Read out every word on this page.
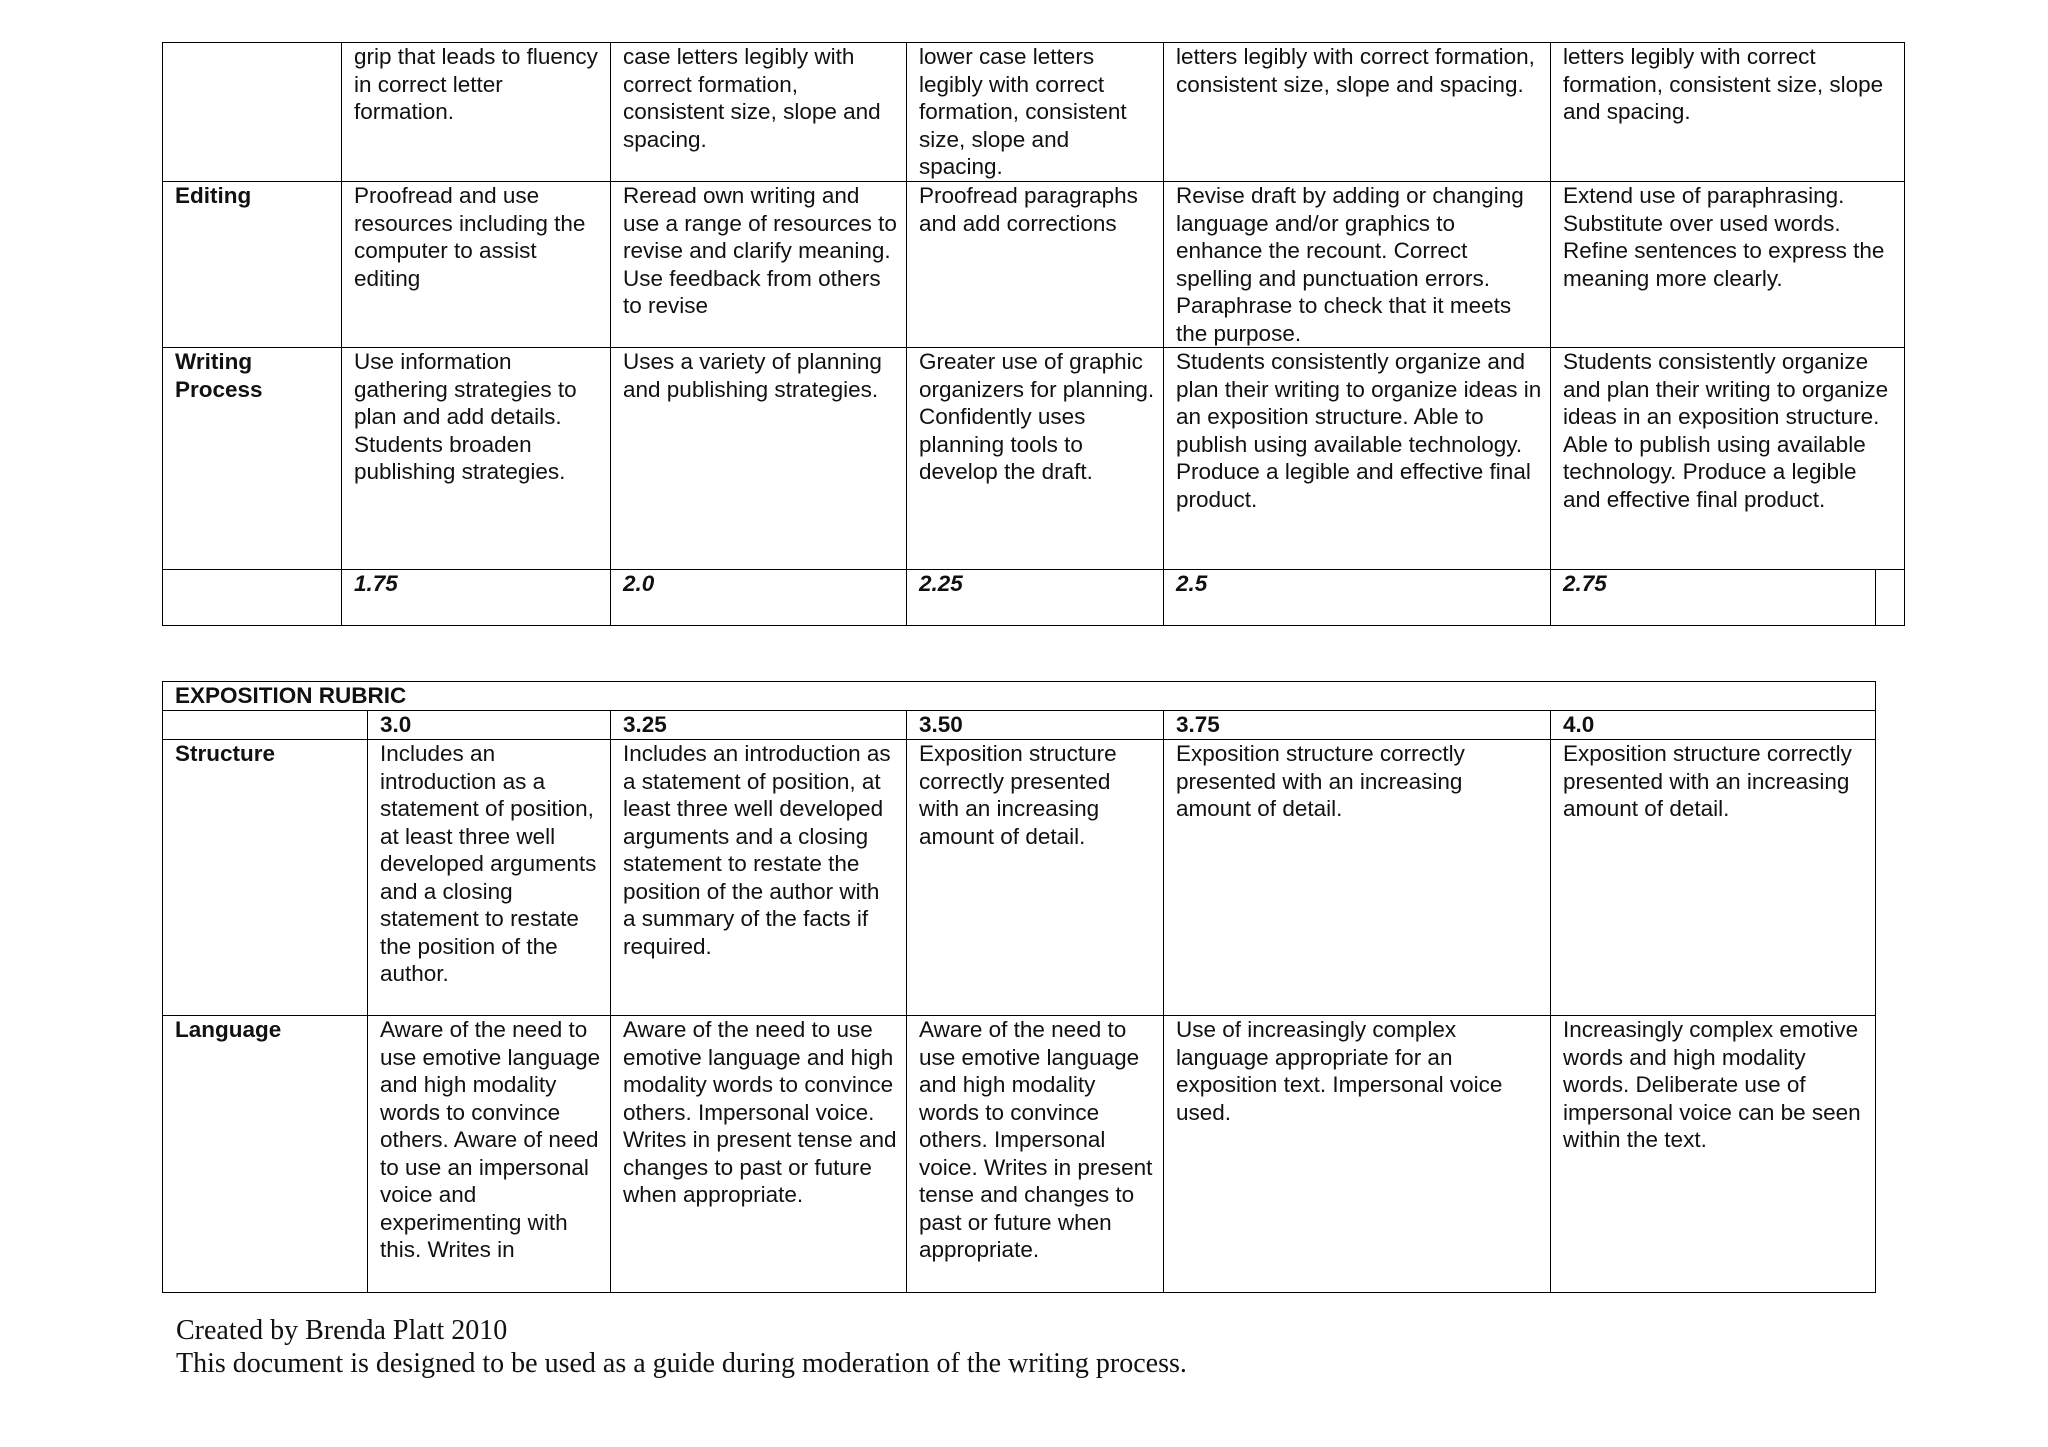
	grip that leads to fluency in correct letter formation.	case letters legibly with correct formation, consistent size, slope and spacing.	lower case letters legibly with correct formation, consistent size, slope and spacing.	letters legibly with correct formation, consistent size, slope and spacing.	letters legibly with correct formation, consistent size, slope and spacing.	
Editing	Proofread and use resources including the computer to assist editing	Reread own writing and use a range of resources to revise and clarify meaning. Use feedback from others to revise	Proofread paragraphs and add corrections	Revise draft by adding or changing language and/or graphics to enhance the recount. Correct spelling and punctuation errors. Paraphrase to check that it meets the purpose.	Extend use of paraphrasing. Substitute over used words. Refine sentences to express the meaning more clearly.	
Writing Process	Use information gathering strategies to plan and add details. Students broaden publishing strategies.	Uses a variety of planning and publishing strategies.	Greater use of graphic organizers for planning. Confidently uses planning tools to develop the draft.	Students consistently organize and plan their writing to organize ideas in an exposition structure. Able to publish using available technology. Produce a legible and effective final product.	Students consistently organize and plan their writing to organize ideas in an exposition structure. Able to publish using available technology. Produce a legible and effective final product.	
	1.75	2.0	2.25	2.5	2.75	
EXPOSITION RUBRIC					
	3.0	3.25	3.50	3.75	4.0
Structure	Includes an introduction as a statement of position, at least three well developed arguments and a closing statement to restate the position of the author.	Includes an introduction as a statement of position, at least three well developed arguments and a closing statement to restate the position of the author with a summary of the facts if required.	Exposition structure correctly presented with an increasing amount of detail.	Exposition structure correctly presented with an increasing amount of detail.	Exposition structure correctly presented with an increasing amount of detail.
Language	Aware of the need to use emotive language and high modality words to convince others. Aware of need to use an impersonal voice and experimenting with this. Writes in	Aware of the need to use emotive language and high modality words to convince others. Impersonal voice. Writes in present tense and changes to past or future when appropriate.	Aware of the need to use emotive language and high modality words to convince others. Impersonal voice. Writes in present tense and changes to past or future when appropriate.	Use of increasingly complex language appropriate for an exposition text. Impersonal voice used.	Increasingly complex emotive words and high modality words. Deliberate use of impersonal voice can be seen within the text.
Created by Brenda Platt 2010
This document is designed to be used as a guide during moderation of the writing process.
